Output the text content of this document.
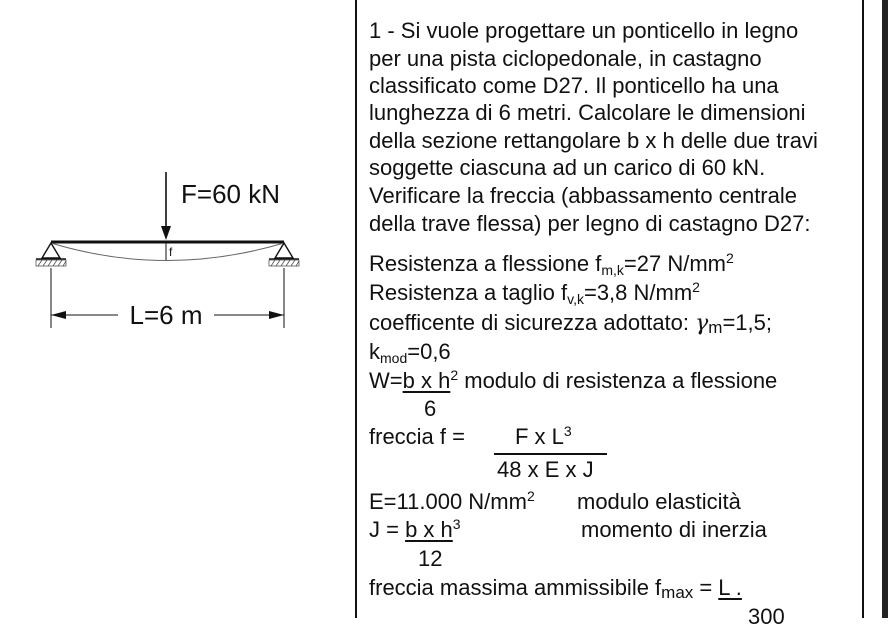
F=60 kN
f
L=6 m
1 - Si vuole progettare un ponticello in legno
per una pista ciclopedonale, in castagno
classificato come D27. Il ponticello ha una
lunghezza di 6 metri. Calcolare le dimensioni
della sezione rettangolare b x h delle due travi
soggette ciascuna ad un carico di 60 kN.
Verificare la freccia (abbassamento centrale
della trave flessa) per legno di castagno D27:
Resistenza a flessione $f_{m,k}=27$ $N/mm^2$
Resistenza a taglio $f_{v,k}=3,8$ $N/mm^2$
coefficente di sicurezza adottato: γm=1,5;
$k_{mod}=0,6$
W=b x $h^2$ modulo di resistenza a flessione
6
freccia f = F x $L^3$
48 x E x J
E=11.000 $N/mm^2$ modulo elasticità
J = b x $h^3$	momento di inerzia
12
freccia massima ammissibile fmax = L .
300
